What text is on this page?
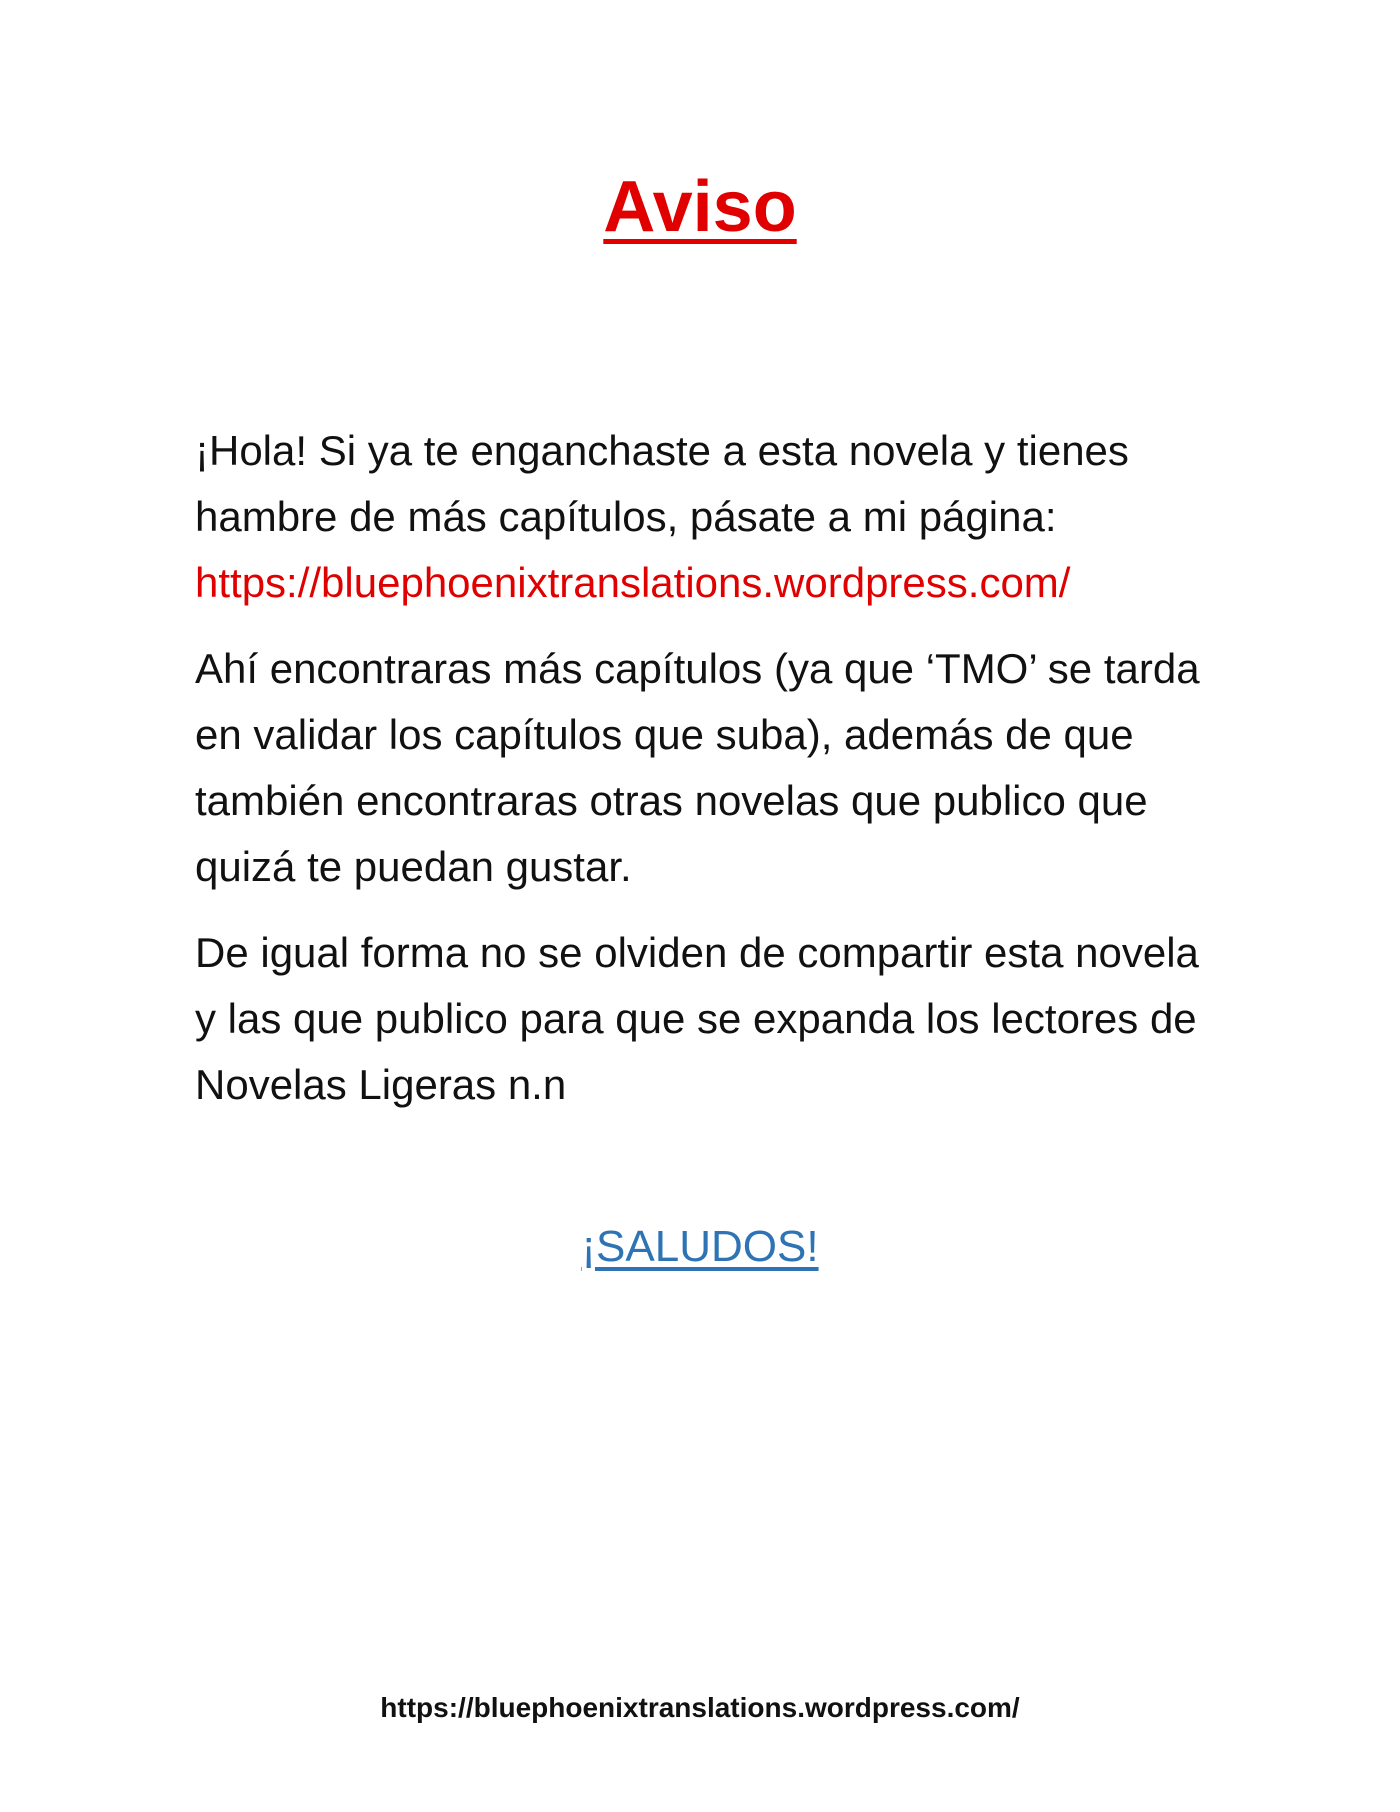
Aviso

¡Hola! Si ya te enganchaste a esta novela y tienes hambre de más capítulos, pásate a mi página:
https://bluephoenixtranslations.wordpress.com/

Ahí encontraras más capítulos (ya que ‘TMO’ se tarda en validar los capítulos que suba), además de que también encontraras otras novelas que publico que quizá te puedan gustar.

De igual forma no se olviden de compartir esta novela y las que publico para que se expanda los lectores de Novelas Ligeras n.n

¡SALUDOS!
https://bluephoenixtranslations.wordpress.com/
